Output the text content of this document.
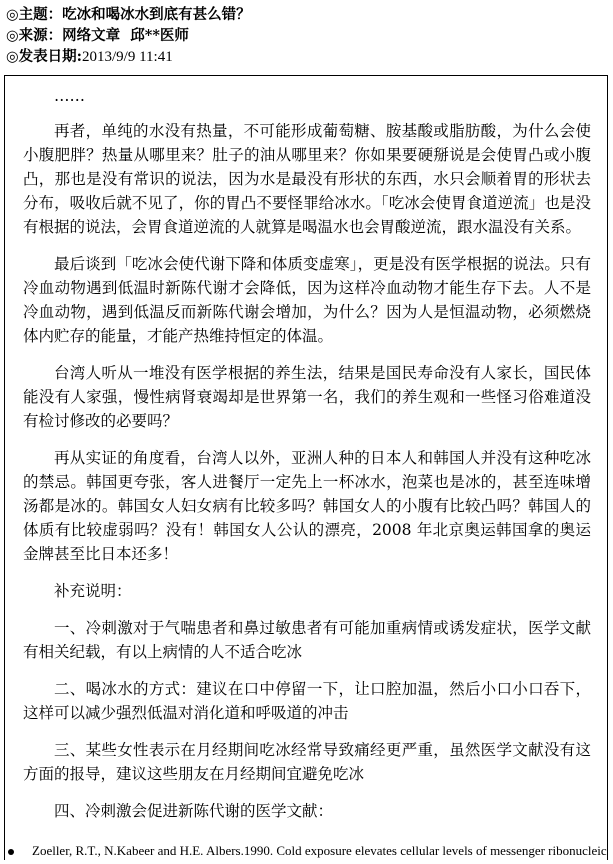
◎主题：吃冰和喝冰水到底有甚么错？
◎来源：网络文章  邱**医师
◎发表日期:2013/9/9 11:41

……

再者，单纯的水没有热量，不可能形成葡萄糖、胺基酸或脂肪酸，为什么会使小腹肥胖？热量从哪里来？肚子的油从哪里来？你如果要硬掰说是会使胃凸或小腹凸，那也是没有常识的说法，因为水是最没有形状的东西，水只会顺着胃的形状去分布，吸收后就不见了，你的胃凸不要怪罪给冰水。「吃冰会使胃食道逆流」也是没有根据的说法，会胃食道逆流的人就算是喝温水也会胃酸逆流，跟水温没有关系。

最后谈到「吃冰会使代谢下降和体质变虚寒」，更是没有医学根据的说法。只有冷血动物遇到低温时新陈代谢才会降低，因为这样冷血动物才能生存下去。人不是冷血动物，遇到低温反而新陈代谢会增加，为什么？因为人是恒温动物，必须燃烧体内贮存的能量，才能产热维持恒定的体温。

台湾人听从一堆没有医学根据的养生法，结果是国民寿命没有人家长，国民体能没有人家强，慢性病肾衰竭却是世界第一名，我们的养生观和一些怪习俗难道没有检讨修改的必要吗？

再从实证的角度看，台湾人以外，亚洲人种的日本人和韩国人并没有这种吃冰的禁忌。韩国更夸张，客人进餐厅一定先上一杯冰水，泡菜也是冰的，甚至连味增汤都是冰的。韩国女人妇女病有比较多吗？韩国女人的小腹有比较凸吗？韩国人的体质有比较虚弱吗？没有！韩国女人公认的漂亮，2008 年北京奥运韩国拿的奥运金牌甚至比日本还多！

补充说明：

一、冷刺激对于气喘患者和鼻过敏患者有可能加重病情或诱发症状，医学文献有相关纪载，有以上病情的人不适合吃冰

二、喝冰水的方式：建议在口中停留一下，让口腔加温，然后小口小口吞下，这样可以减少强烈低温对消化道和呼吸道的冲击

三、某些女性表示在月经期间吃冰经常导致痛经更严重，虽然医学文献没有这方面的报导，建议这些朋友在月经期间宜避免吃冰

四、冷刺激会促进新陈代谢的医学文献：

Zoeller, R.T., N.Kabeer and H.E. Albers.1990. Cold exposure elevates cellular levels of messenger ribonucleic
